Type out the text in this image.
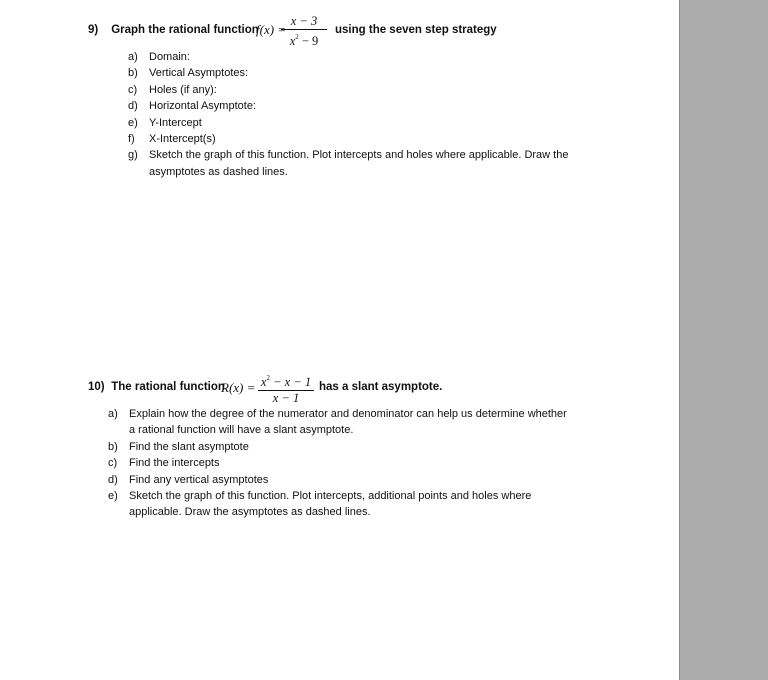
9) Graph the rational function
f(x) =
x − 3
$x^2 - 9$
using the seven step strategy
a)	Domain:
b)	Vertical Asymptotes:
c)	Holes (if any):
d)	Horizontal Asymptote:
e)	Y-Intercept
f)	X-Intercept(s)
g)	Sketch the graph of this function. Plot intercepts and holes where applicable. Draw the
asymptotes as dashed lines.
10) The rational function
$R(x) = x^2 - x - 1$
x − 1
has a slant asymptote.
a)	Explain how the degree of the numerator and denominator can help us determine whether
a rational function will have a slant asymptote.
b)	Find the slant asymptote
c)	Find the intercepts
d)	Find any vertical asymptotes
e)	Sketch the graph of this function. Plot intercepts, additional points and holes where
applicable. Draw the asymptotes as dashed lines.
